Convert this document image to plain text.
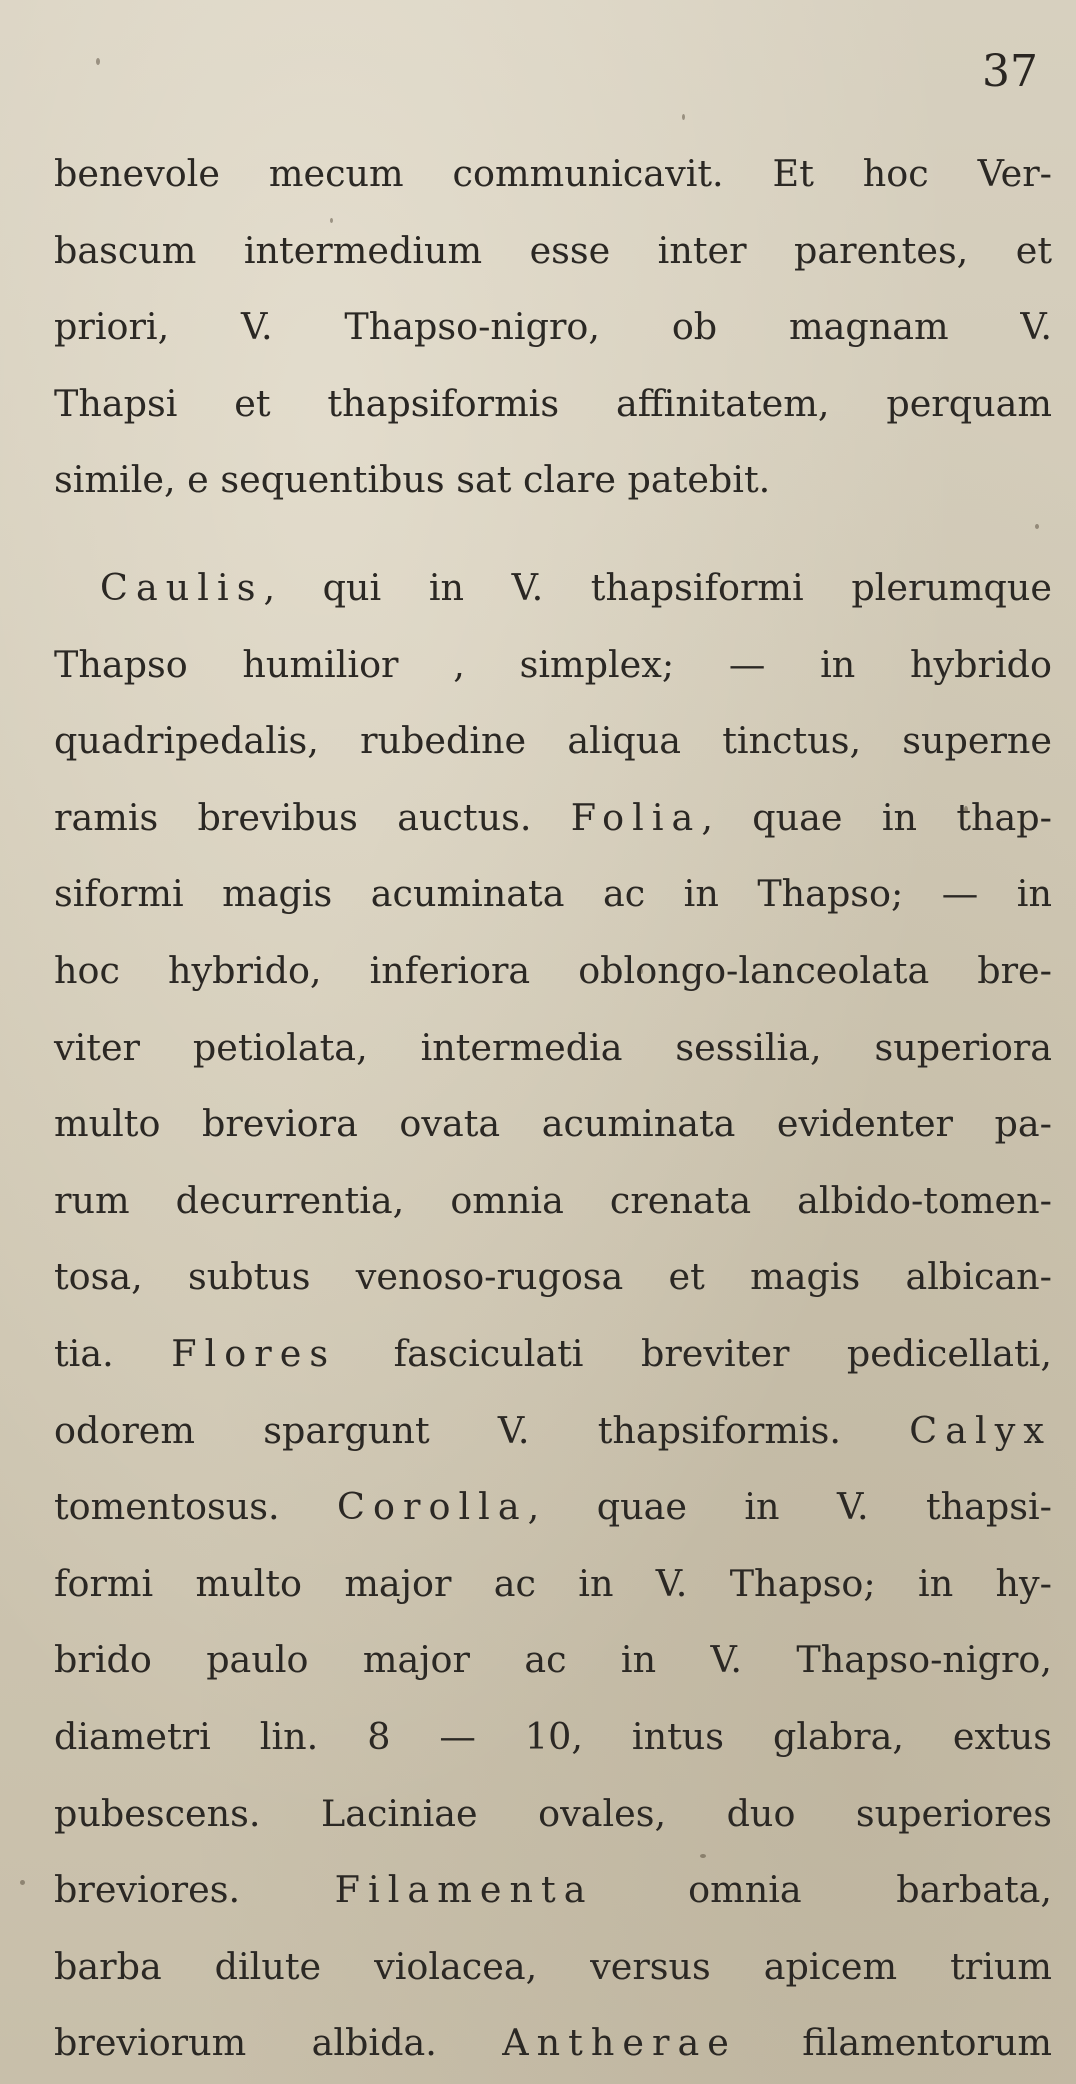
37
benevole mecum communicavit. Et hoc Ver-
bascum intermedium esse inter parentes, et
priori, V. Thapso-nigro, ob magnam V.
Thapsi et thapsiformis affinitatem, perquam
simile, e sequentibus sat clare patebit.
Caulis, qui in V. thapsiformi plerumque
Thapso humilior , simplex; — in hybrido
quadripedalis, rubedine aliqua tinctus, superne
ramis brevibus auctus. Folia, quae in thap-
siformi magis acuminata ac in Thapso; — in
hoc hybrido, inferiora oblongo-lanceolata bre-
viter petiolata, intermedia sessilia, superiora
multo breviora ovata acuminata evidenter pa-
rum decurrentia, omnia crenata albido-tomen-
tosa, subtus venoso-rugosa et magis albican-
tia. Flores fasciculati breviter pedicellati,
odorem spargunt V. thapsiformis. Calyx
tomentosus. Corolla, quae in V. thapsi-
formi multo major ac in V. Thapso; in hy-
brido paulo major ac in V. Thapso-nigro,
diametri lin. 8 — 10, intus glabra, extus
pubescens. Laciniae ovales, duo superiores
breviores. Filamenta omnia barbata,
barba dilute violacea, versus apicem trium
breviorum albida. Antherae filamentorum
